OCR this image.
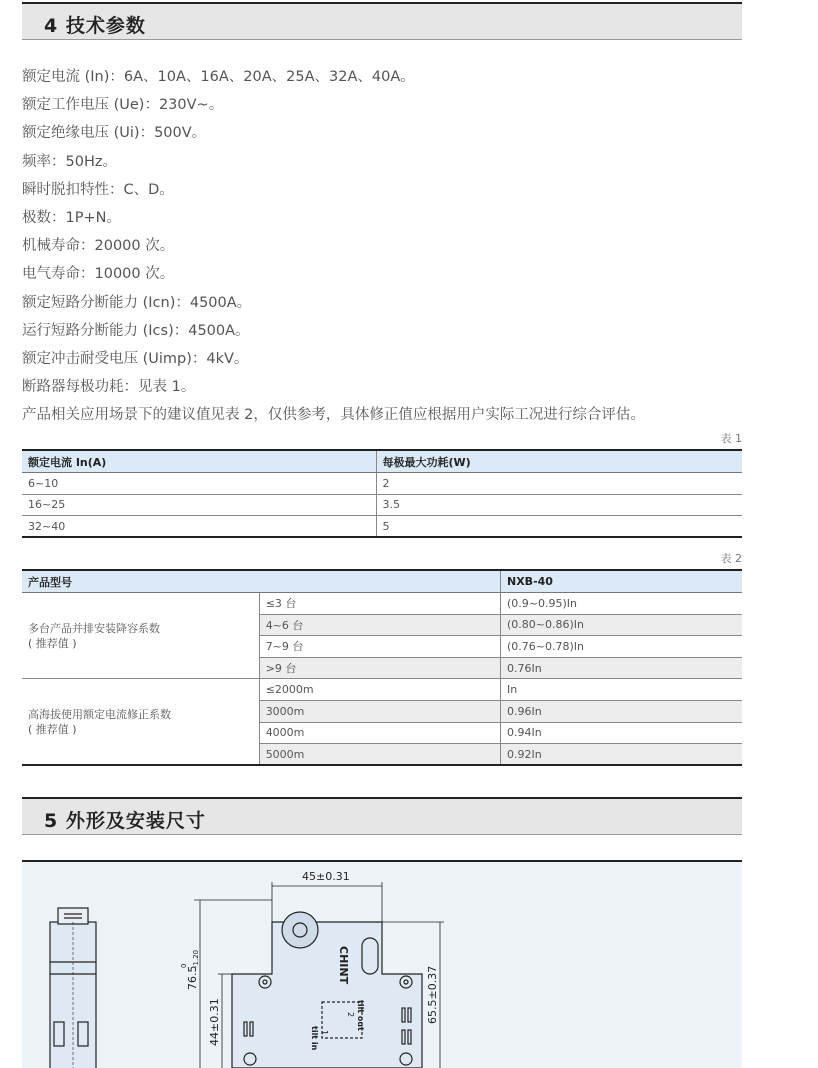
4 技术参数
额定电流 (In)：6A、10A、16A、20A、25A、32A、40A。
额定工作电压 (Ue)：230V~。
额定绝缘电压 (Ui)：500V。
频率：50Hz。
瞬时脱扣特性：C、D。
极数：1P+N。
机械寿命：20000 次。
电气寿命：10000 次。
额定短路分断能力 (Icn)：4500A。
运行短路分断能力 (Ics)：4500A。
额定冲击耐受电压 (Uimp)：4kV。
断路器每极功耗：见表 1。
产品相关应用场景下的建议值见表 2，仅供参考，具体修正值应根据用户实际工况进行综合评估。
表 1
额定电流 In(A)	每极最大功耗(W)
6~10	2
16~25	3.5
32~40	5
表 2
产品型号		NXB-40
多台产品并排安装降容系数
( 推荐值 )	≤3 台	(0.9~0.95)In
	4~6 台	(0.80~0.86)In
	7~9 台	(0.76~0.78)In
	>9 台	0.76In
高海拔使用额定电流修正系数
( 推荐值 )	≤2000m	In
	3000m	0.96In
	4000m	0.94In
	5000m	0.92In
5 外形及安装尺寸
45±0.31
76.5
0 -1.20
44±0.31	65.5±0.37
CHINT
tilt out
tilt in
2
1
